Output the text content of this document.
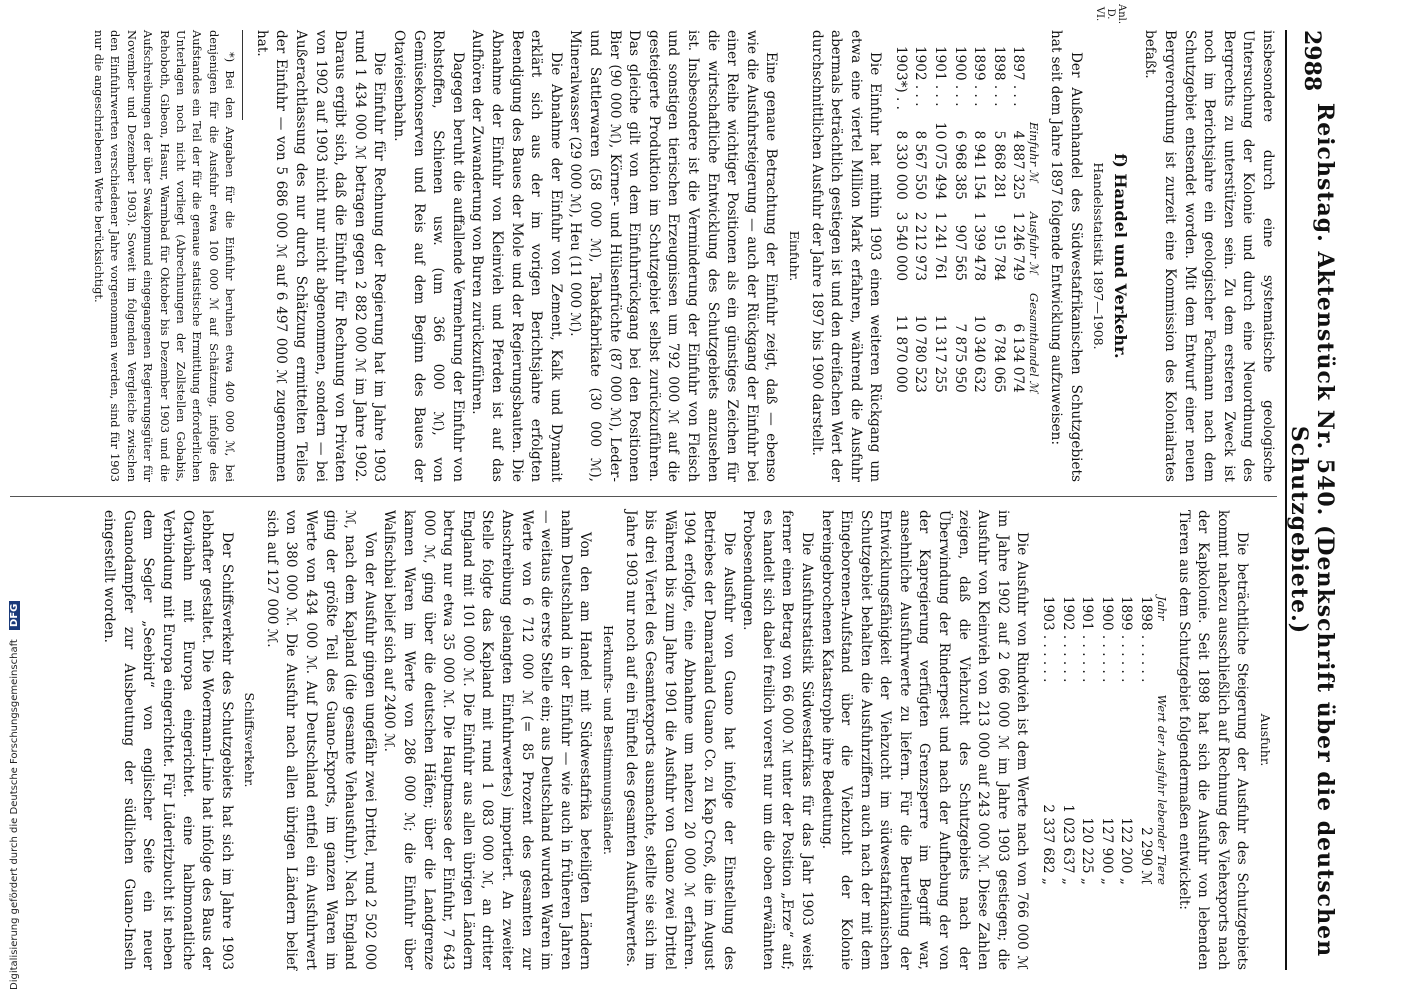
2988
Reichstag. Aktenstück Nr. 540. (Denkschrift über die deutschen Schutzgebiete.)

insbesondere durch eine systematische geologische Untersuchung der Kolonie und durch eine Neuordnung des Bergrechts zu unterstützen sein. Zu dem ersteren Zweck ist noch im Berichtsjahre ein geologischer Fachmann nach dem Schutzgebiet entsendet worden. Mit dem Entwurf einer neuen Bergverordnung ist zurzeit eine Kommission des Kolonialrates befaßt.

Anl. D. VI.
f) Handel und Verkehr.
Handelsstatistik 1897—1908.

Der Außenhandel des Südwestafrikanischen Schutzgebiets hat seit dem Jahre 1897 folgende Entwicklung aufzuweisen:

	Einfuhr ℳ	Ausfuhr ℳ	Gesamthandel ℳ
1897 . . .	4 887 325	1 246 749	6 134 074
1898 . . .	5 868 281	915 784	6 784 065
1899 . . .	8 941 154	1 399 478	10 340 632
1900 . . .	6 968 385	907 565	7 875 950
1901 . . .	10 075 494	1 241 761	11 317 255
1902 . . .	8 567 550	2 212 973	10 780 523
1903*) . .	8 330 000	3 540 000	11 870 000

Die Einfuhr hat mithin 1903 einen weiteren Rückgang um etwa eine viertel Million Mark erfahren, während die Ausfuhr abermals beträchtlich gestiegen ist und den dreifachen Wert der durchschnittlichen Ausfuhr der Jahre 1897 bis 1900 darstellt.

Einfuhr.

Eine genaue Betrachtung der Einfuhr zeigt, daß — ebenso wie die Ausfuhrsteigerung — auch der Rückgang der Einfuhr bei einer Reihe wichtiger Positionen als ein günstiges Zeichen für die wirtschaftliche Entwicklung des Schutzgebiets anzusehen ist. Insbesondere ist die Verminderung der Einfuhr von Fleisch und sonstigen tierischen Erzeugnissen um 792 000 ℳ auf die gesteigerte Produktion im Schutzgebiet selbst zurückzuführen. Das gleiche gilt von dem Einfuhrrückgang bei den Positionen Bier (90 000 ℳ), Körner- und Hülsenfrüchte (87 000 ℳ), Leder- und Sattlerwaren (58 000 ℳ), Tabakfabrikate (30 000 ℳ), Mineralwasser (29 000 ℳ), Heu (11 000 ℳ).

Die Abnahme der Einfuhr von Zement, Kalk und Dynamit erklärt sich aus der im vorigen Berichtsjahre erfolgten Beendigung des Baues der Mole und der Regierungsbauten. Die Abnahme der Einfuhr von Kleinvieh und Pferden ist auf das Aufhören der Zuwanderung von Buren zurückzuführen.

Dagegen beruht die auffallende Vermehrung der Einfuhr von Rohstoffen, Schienen usw. (um 366 000 ℳ), von Gemüsekonserven und Reis auf dem Beginn des Baues der Otavieisenbahn.

Die Einfuhr für Rechnung der Regierung hat im Jahre 1903 rund 1 434 000 ℳ betragen gegen 2 882 000 ℳ im Jahre 1902. Daraus ergibt sich, daß die Einfuhr für Rechnung von Privaten von 1902 auf 1903 nicht nur nicht abgenommen, sondern — bei Außerachtlassung des nur durch Schätzung ermittelten Teiles der Einfuhr — von 5 686 000 ℳ auf 6 497 000 ℳ zugenommen hat.

*) Bei den Angaben für die Einfuhr beruhen etwa 400 000 ℳ, bei denjenigen für die Ausfuhr etwa 100 000 ℳ auf Schätzung, infolge des Aufstandes ein Teil der für die genaue statistische Ermittlung erforderlichen Unterlagen noch nicht vorliegt (Abrechnungen der Zollstellen Gobabis, Rehoboth, Gibeon, Hasur, Warmbad für Oktober bis Dezember 1903 und die Aufschreibungen der über Swakopmund eingegangenen Regierungsgüter für November und Dezember 1903). Soweit im folgenden Vergleiche zwischen den Einfuhrwerten verschiedener Jahre vorgenommen werden, sind für 1903 nur die angeschriebenen Werte berücksichtigt.

Ausfuhr.

Die beträchtliche Steigerung der Ausfuhr des Schutzgebiets kommt nahezu ausschließlich auf Rechnung des Viehexports nach der Kapkolonie. Seit 1898 hat sich die Ausfuhr von lebenden Tieren aus dem Schutzgebiet folgendermaßen entwickelt:

Jahr	Wert der Ausfuhr lebender Tiere
1898 . . . . . .	2 290 ℳ
1899 . . . . . .	122 200 „
1900 . . . . . .	127 900 „
1901 . . . . . .	120 225 „
1902 . . . . . .	1 023 637 „
1903 . . . . . .	2 337 682 „

Die Ausfuhr von Rindvieh ist dem Werte nach von 766 000 ℳ im Jahre 1902 auf 2 066 000 ℳ im Jahre 1903 gestiegen; die Ausfuhr von Kleinvieh von 213 000 auf 243 000 ℳ. Diese Zahlen zeigen, daß die Viehzucht des Schutzgebiets nach der Überwindung der Rinderpest und nach der Aufhebung der von der Kapregierung verfügten Grenzsperre im Begriff war, ansehnliche Ausfuhrwerte zu liefern. Für die Beurteilung der Entwicklungsfähigkeit der Viehzucht im südwestafrikanischen Schutzgebiet behalten die Ausfuhrziffern auch nach der mit dem Eingeborenen-Aufstand über die Viehzucht der Kolonie hereingebrochenen Katastrophe ihre Bedeutung.

Die Ausfuhrstatistik Südwestafrikas für das Jahr 1903 weist ferner einen Betrag von 66 000 ℳ unter der Position „Erze“ auf; es handelt sich dabei freilich vorerst nur um die oben erwähnten Probesendungen.

Die Ausfuhr von Guano hat infolge der Einstellung des Betriebes der Damaraland Guano Co. zu Kap Croß, die im August 1904 erfolgte, eine Abnahme um nahezu 20 000 ℳ erfahren. Während bis zum Jahre 1901 die Ausfuhr von Guano zwei Drittel bis drei Viertel des Gesamtexports ausmachte, stellte sie sich im Jahre 1903 nur noch auf ein Fünftel des gesamten Ausfuhrwertes.

Herkunfts- und Bestimmungsländer.

Von den am Handel mit Südwestafrika beteiligten Ländern nahm Deutschland in der Einfuhr — wie auch in früheren Jahren — weitaus die erste Stelle ein; aus Deutschland wurden Waren im Werte von 6 712 000 ℳ (= 85 Prozent des gesamten zur Anschreibung gelangten Einfuhrwertes) importiert. An zweiter Stelle folgte das Kapland mit rund 1 083 000 ℳ, an dritter England mit 101 000 ℳ. Die Einfuhr aus allen übrigen Ländern betrug nur etwa 35 000 ℳ. Die Hauptmasse der Einfuhr, 7 643 000 ℳ, ging über die deutschen Häfen; über die Landgrenze kamen Waren im Werte von 286 000 ℳ; die Einfuhr über Walfischbai belief sich auf 2400 ℳ.

Von der Ausfuhr gingen ungefähr zwei Drittel, rund 2 502 000 ℳ, nach dem Kapland (die gesamte Viehausfuhr). Nach England ging der größte Teil des Guano-Exports, im ganzen Waren im Werte von 434 000 ℳ. Auf Deutschland entfiel ein Ausfuhrwert von 380 000 ℳ. Die Ausfuhr nach allen übrigen Ländern belief sich auf 127 000 ℳ.

Schiffsverkehr.

Der Schiffsverkehr des Schutzgebiets hat sich im Jahre 1903 lebhafter gestaltet. Die Woermann-Linie hat infolge des Baus der Otavibahn mit Europa eingerichtet. eine halbmonatliche Verbindung mit Europa eingerichtet. Für Lüderitzbucht ist neben dem Segler „Seebird“ von englischer Seite ein neuer Guanodampfer zur Ausbeutung der südlichen Guano-Inseln eingestellt worden.

Digitalisierung gefördert durch die Deutsche Forschungsgemeinschaft DFG
